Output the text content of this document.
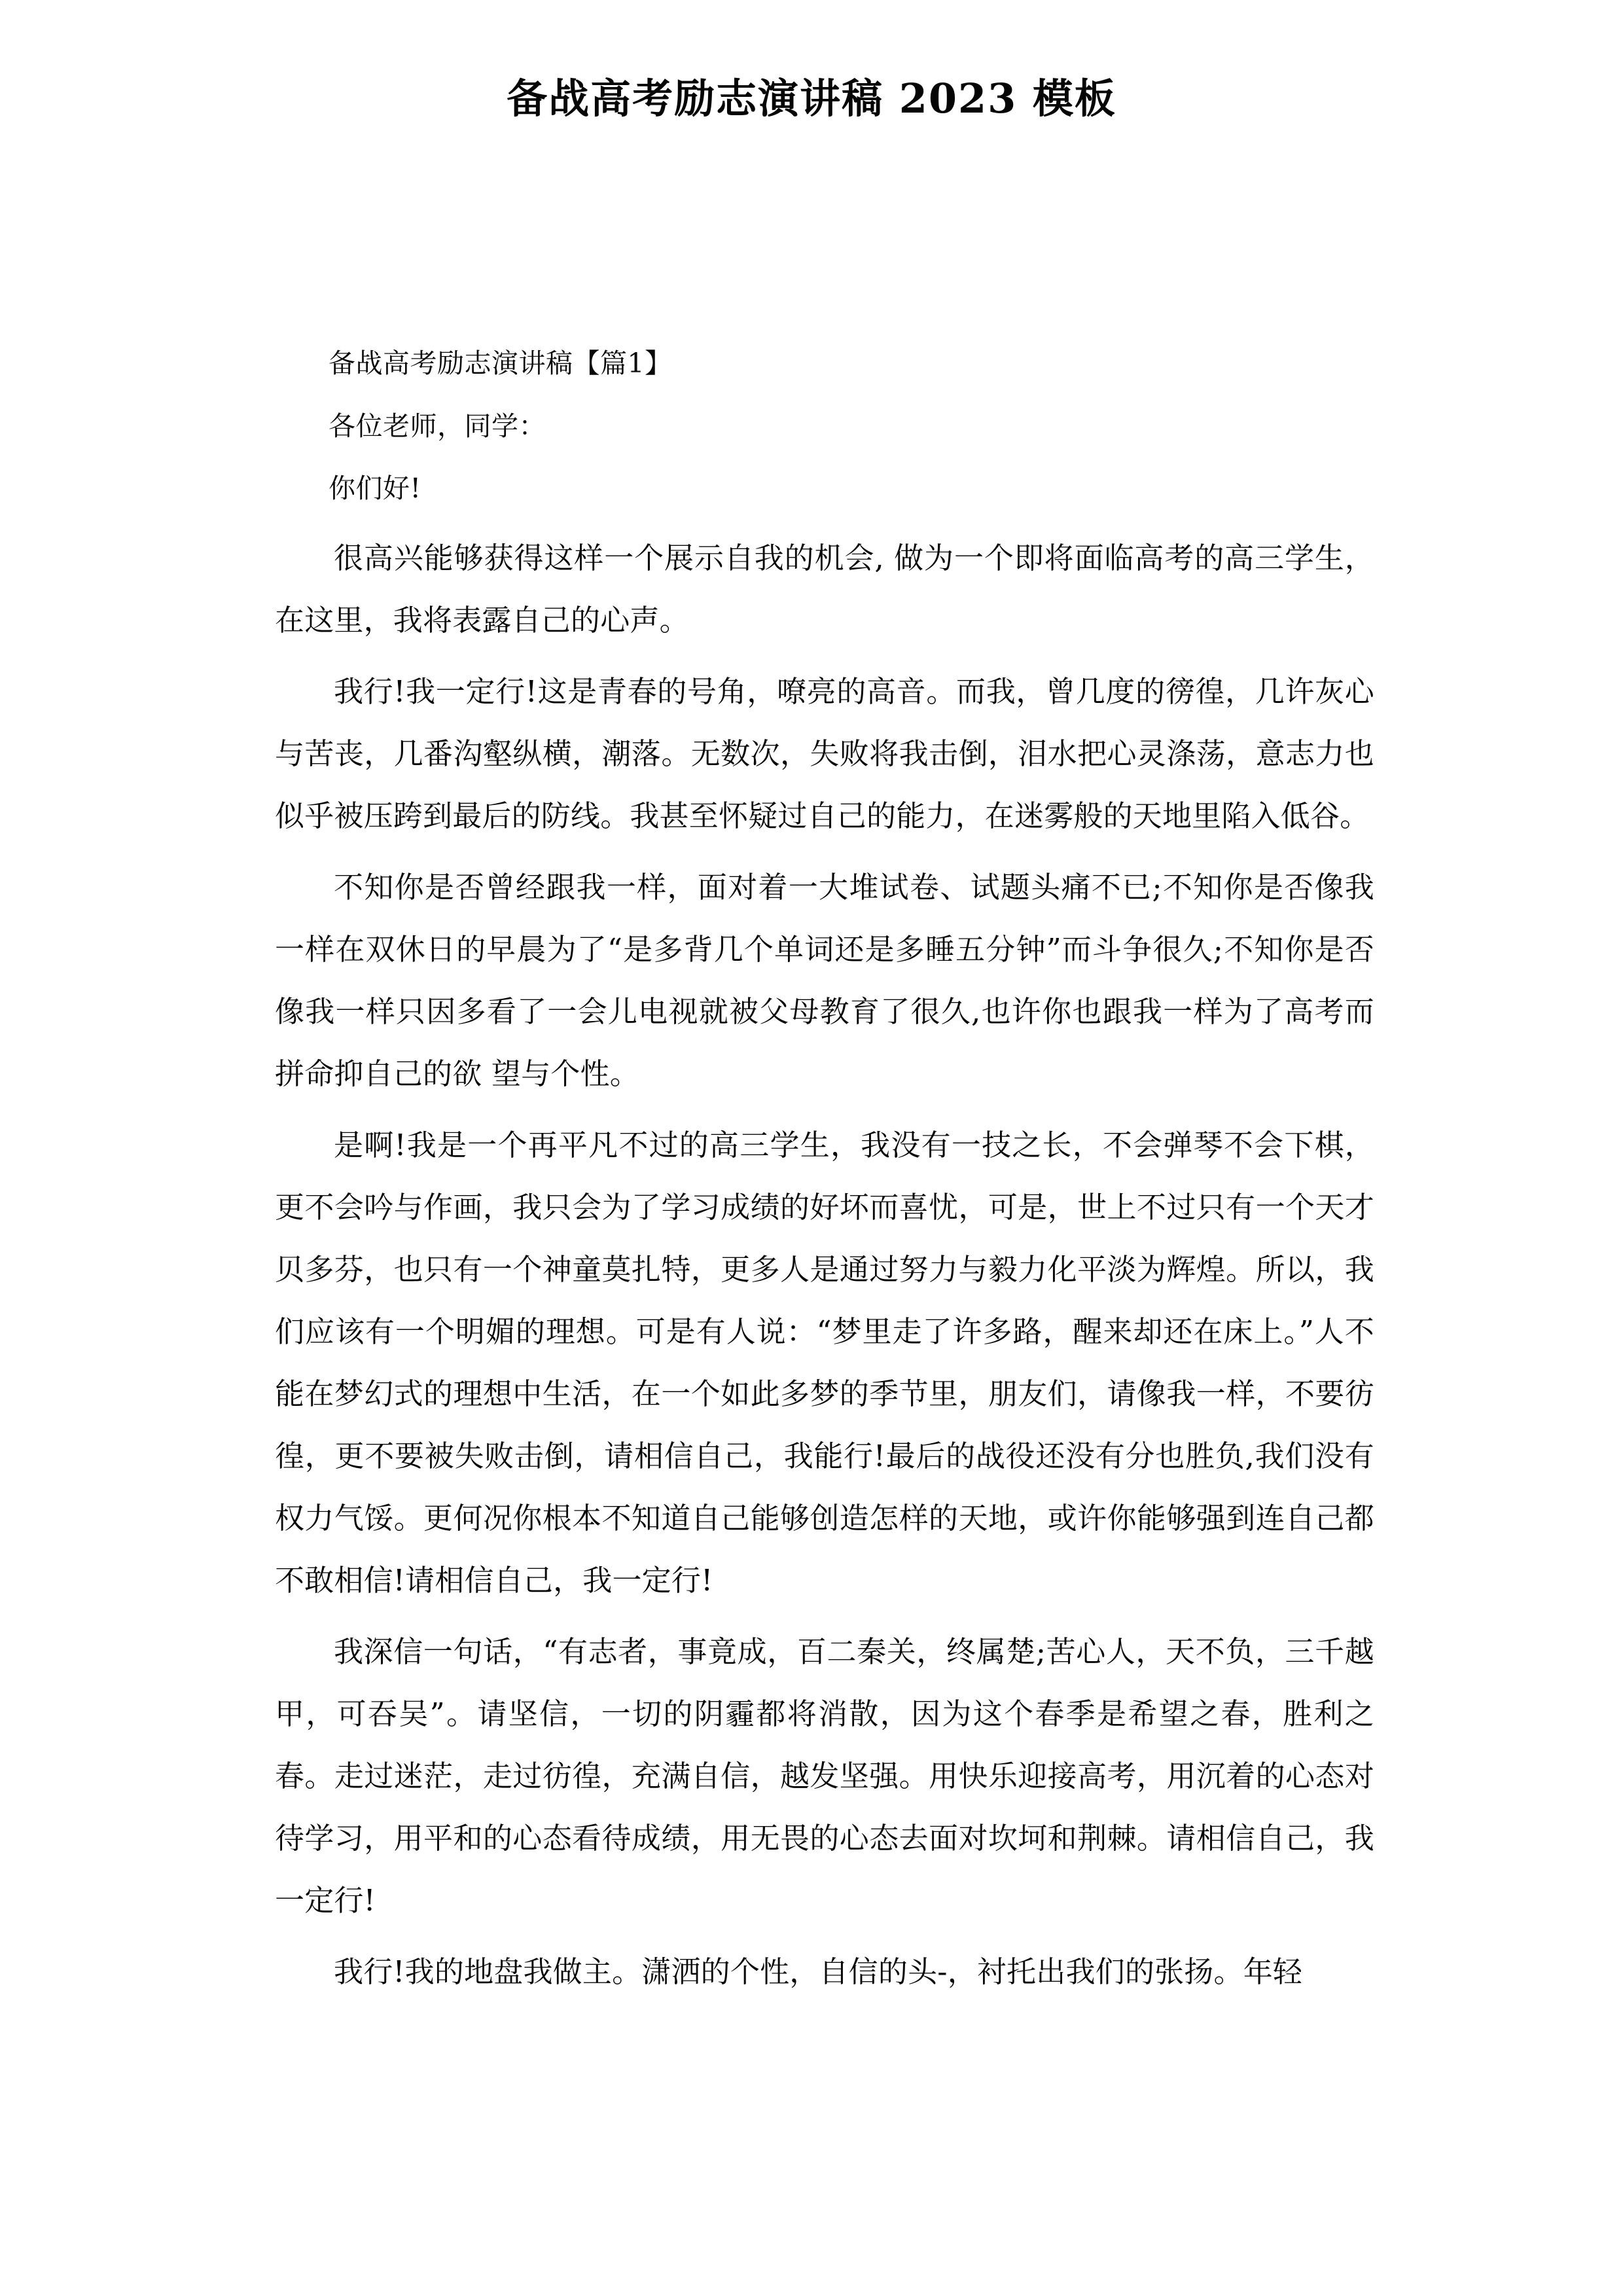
备战高考励志演讲稿 2023 模板
备战高考励志演讲稿【篇1】
各位老师，同学：
你们好!

很高兴能够获得这样一个展示自我的机会, 做为一个即将面临高考的高三学生，在这里，我将表露自己的心声。

我行!我一定行!这是青春的号角，嘹亮的高音。而我，曾几度的徬徨，几许灰心与苦丧，几番沟壑纵横，潮落。无数次，失败将我击倒，泪水把心灵涤荡，意志力也似乎被压跨到最后的防线。我甚至怀疑过自己的能力，在迷雾般的天地里陷入低谷。

不知你是否曾经跟我一样，面对着一大堆试卷、试题头痛不已;不知你是否像我一样在双休日的早晨为了“是多背几个单词还是多睡五分钟”而斗争很久;不知你是否像我一样只因多看了一会儿电视就被父母教育了很久,也许你也跟我一样为了高考而拼命抑自己的欲 望与个性。

是啊!我是一个再平凡不过的高三学生，我没有一技之长，不会弹琴不会下棋，更不会吟与作画，我只会为了学习成绩的好坏而喜忧，可是，世上不过只有一个天才贝多芬，也只有一个神童莫扎特，更多人是通过努力与毅力化平淡为辉煌。所以，我们应该有一个明媚的理想。可是有人说：“梦里走了许多路，醒来却还在床上。”人不能在梦幻式的理想中生活，在一个如此多梦的季节里，朋友们，请像我一样，不要彷徨，更不要被失败击倒，请相信自己，我能行!最后的战役还没有分也胜负,我们没有权力气馁。更何况你根本不知道自己能够创造怎样的天地，或许你能够强到连自己都不敢相信!请相信自己，我一定行!

我深信一句话，“有志者，事竟成，百二秦关，终属楚;苦心人，天不负，三千越甲，可吞吴”。请坚信，一切的阴霾都将消散，因为这个春季是希望之春，胜利之春。走过迷茫，走过彷徨，充满自信，越发坚强。用快乐迎接高考，用沉着的心态对待学习，用平和的心态看待成绩，用无畏的心态去面对坎坷和荆棘。请相信自己，我一定行!

我行!我的地盘我做主。潇洒的个性，自信的头-，衬托出我们的张扬。年轻
